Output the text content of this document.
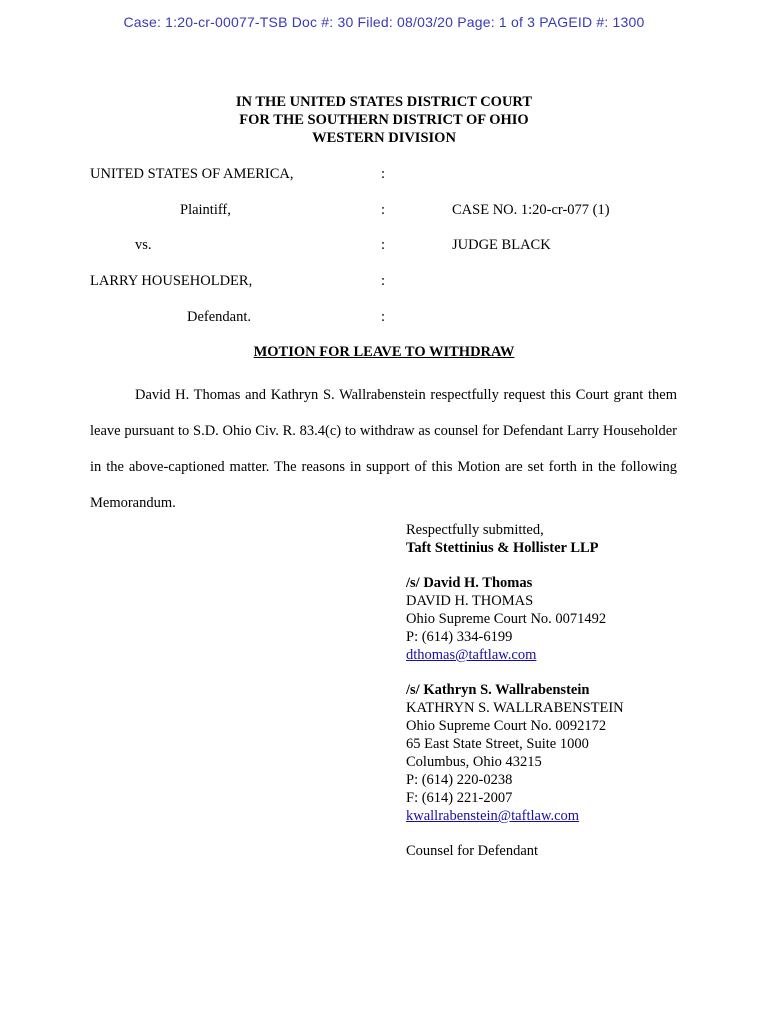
Case: 1:20-cr-00077-TSB Doc #: 30 Filed: 08/03/20 Page: 1 of 3 PAGEID #: 1300
IN THE UNITED STATES DISTRICT COURT
FOR THE SOUTHERN DISTRICT OF OHIO
WESTERN DIVISION
UNITED STATES OF AMERICA,	:
Plaintiff,	:	CASE NO. 1:20-cr-077 (1)
vs.	:	JUDGE BLACK
LARRY HOUSEHOLDER,	:
Defendant.	:
MOTION FOR LEAVE TO WITHDRAW
David H. Thomas and Kathryn S. Wallrabenstein respectfully request this Court grant them leave pursuant to S.D. Ohio Civ. R. 83.4(c) to withdraw as counsel for Defendant Larry Householder in the above-captioned matter. The reasons in support of this Motion are set forth in the following Memorandum.
Respectfully submitted,
Taft Stettinius & Hollister LLP
/s/ David H. Thomas
DAVID H. THOMAS
Ohio Supreme Court No. 0071492
P: (614) 334-6199
dthomas@taftlaw.com
/s/ Kathryn S. Wallrabenstein
KATHRYN S. WALLRABENSTEIN
Ohio Supreme Court No. 0092172
65 East State Street, Suite 1000
Columbus, Ohio 43215
P: (614) 220-0238
F: (614) 221-2007
kwallrabenstein@taftlaw.com
Counsel for Defendant
